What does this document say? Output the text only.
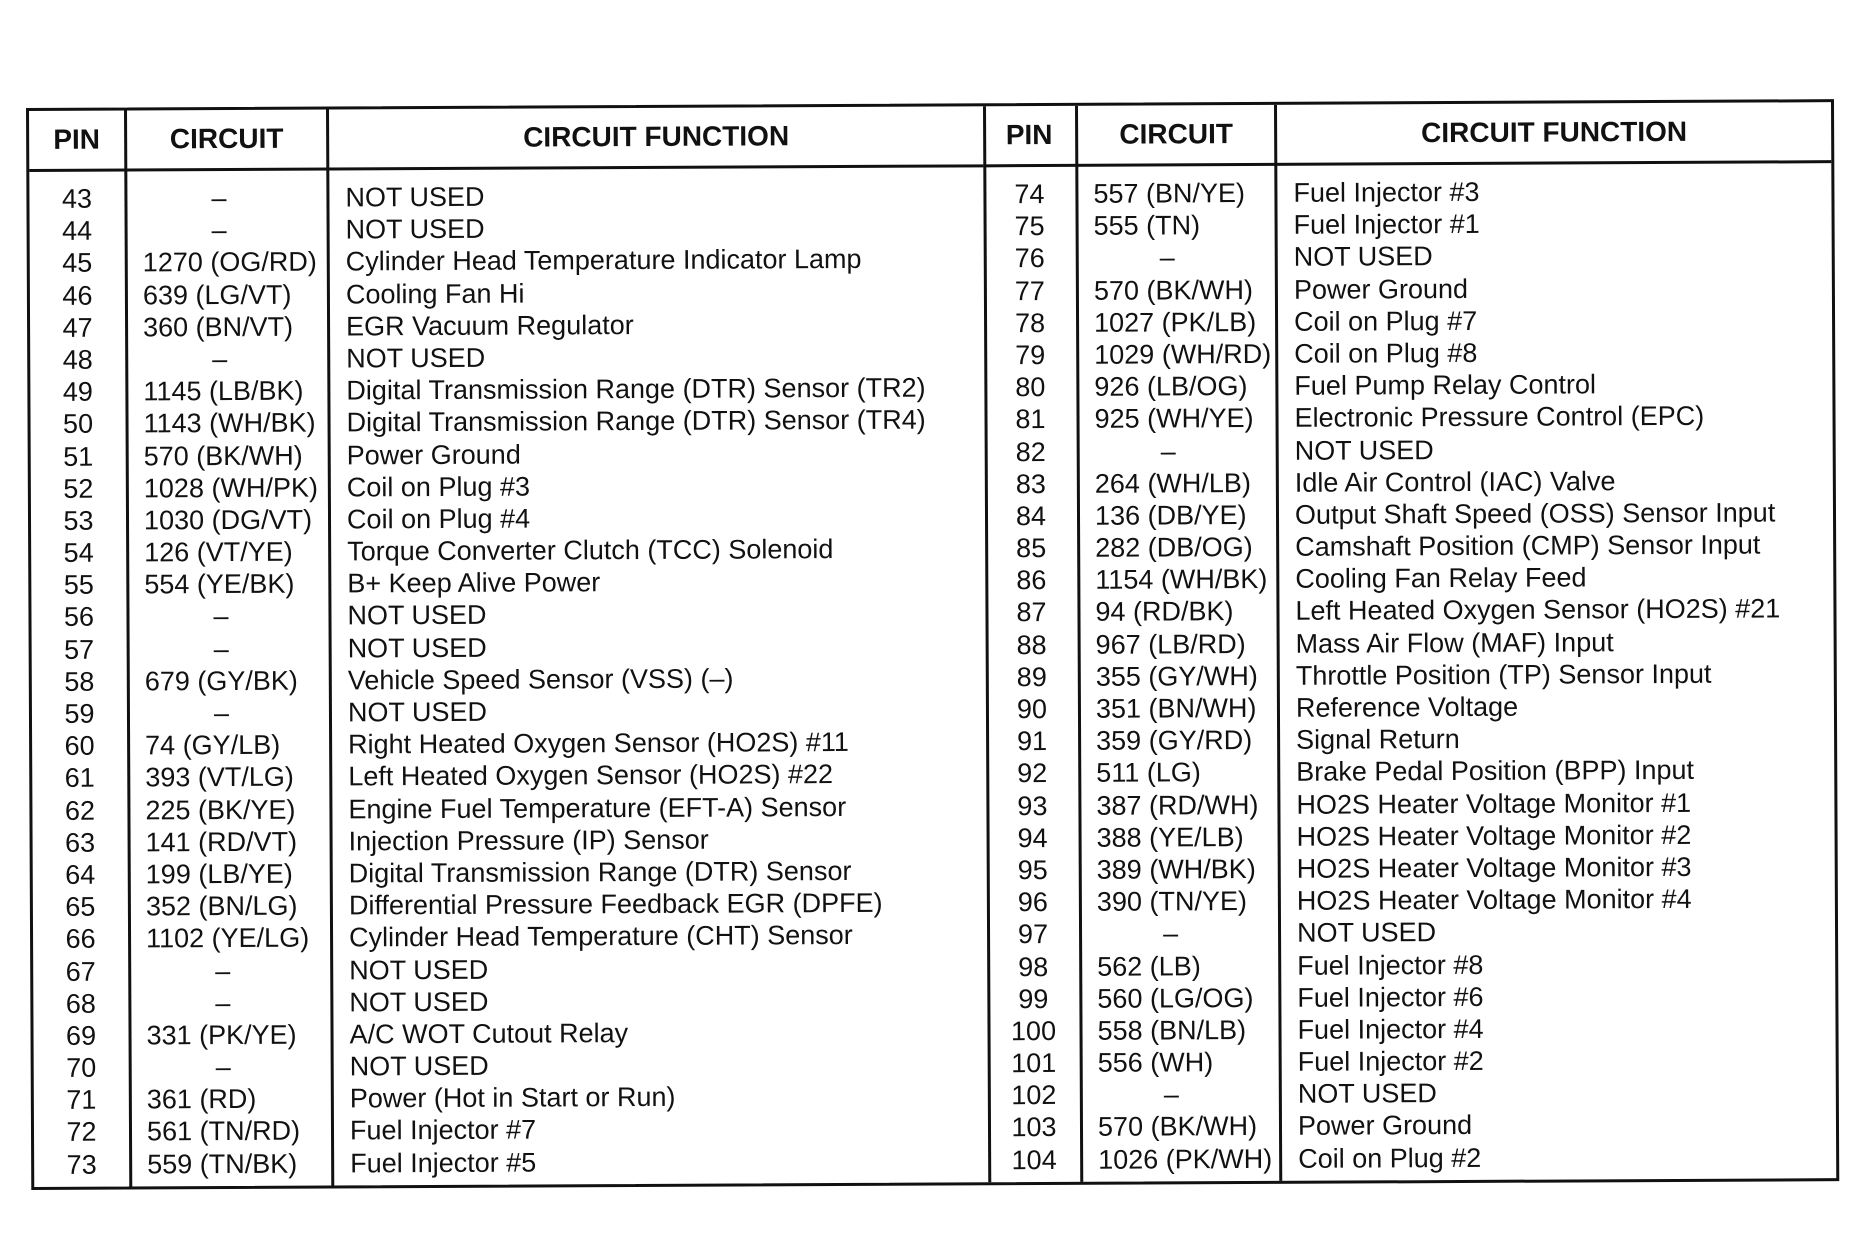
PIN	CIRCUIT	CIRCUIT FUNCTION
43	–	NOT USED
44	–	NOT USED
45	1270 (OG/RD) Cylinder Head Temperature Indicator Lamp
46	639 (LG/VT) Cooling Fan Hi
47	360 (BN/VT) EGR Vacuum Regulator
48	–	NOT USED
49	1145 (LB/BK) Digital Transmission Range (DTR) Sensor (TR2)
50	1143 (WH/BK) Digital Transmission Range (DTR) Sensor (TR4)
51	570 (BK/WH) Power Ground
52	1028 (WH/PK) Coil on Plug #3
53	1030 (DG/VT) Coil on Plug #4
54	126 (VT/YE) Torque Converter Clutch (TCC) Solenoid
55	554 (YE/BK) B+ Keep Alive Power
56	–	NOT USED
57	–	NOT USED
58	679 (GY/BK) Vehicle Speed Sensor (VSS) (–)
59	–	NOT USED
60	74 (GY/LB)	Right Heated Oxygen Sensor (HO2S) #11
61	393 (VT/LG) Left Heated Oxygen Sensor (HO2S) #22
62	225 (BK/YE) Engine Fuel Temperature (EFT-A) Sensor
63	141 (RD/VT) Injection Pressure (IP) Sensor
64	199 (LB/YE) Digital Transmission Range (DTR) Sensor
65	352 (BN/LG) Differential Pressure Feedback EGR (DPFE)
66	1102 (YE/LG) Cylinder Head Temperature (CHT) Sensor
67	–	NOT USED
68	–	NOT USED
69	331 (PK/YE) A/C WOT Cutout Relay
70	–	NOT USED
71	361 (RD)	Power (Hot in Start or Run)
72	561 (TN/RD) Fuel Injector #7
73	559 (TN/BK) Fuel Injector #5
PIN	CIRCUIT	CIRCUIT FUNCTION
74	557 (BN/YE) Fuel Injector #3
75	555 (TN)	Fuel Injector #1
76	–	NOT USED
77	570 (BK/WH) Power Ground
78	1027 (PK/LB) Coil on Plug #7
79	1029 (WH/RD) Coil on Plug #8
80	926 (LB/OG) Fuel Pump Relay Control
81	925 (WH/YE) Electronic Pressure Control (EPC)
82	–	NOT USED
83	264 (WH/LB) Idle Air Control (IAC) Valve
84	136 (DB/YE) Output Shaft Speed (OSS) Sensor Input
85	282 (DB/OG) Camshaft Position (CMP) Sensor Input
86	1154 (WH/BK) Cooling Fan Relay Feed
87	94 (RD/BK) Left Heated Oxygen Sensor (HO2S) #21
88	967 (LB/RD) Mass Air Flow (MAF) Input
89	355 (GY/WH) Throttle Position (TP) Sensor Input
90	351 (BN/WH) Reference Voltage
91	359 (GY/RD) Signal Return
92	511 (LG)	Brake Pedal Position (BPP) Input
93	387 (RD/WH) HO2S Heater Voltage Monitor #1
94	388 (YE/LB) HO2S Heater Voltage Monitor #2
95	389 (WH/BK) HO2S Heater Voltage Monitor #3
96	390 (TN/YE) HO2S Heater Voltage Monitor #4
97	–	NOT USED
98	562 (LB)	Fuel Injector #8
99	560 (LG/OG) Fuel Injector #6
100	558 (BN/LB) Fuel Injector #4
101	556 (WH)	Fuel Injector #2
102	–	NOT USED
103	570 (BK/WH) Power Ground
104	1026 (PK/WH) Coil on Plug #2
